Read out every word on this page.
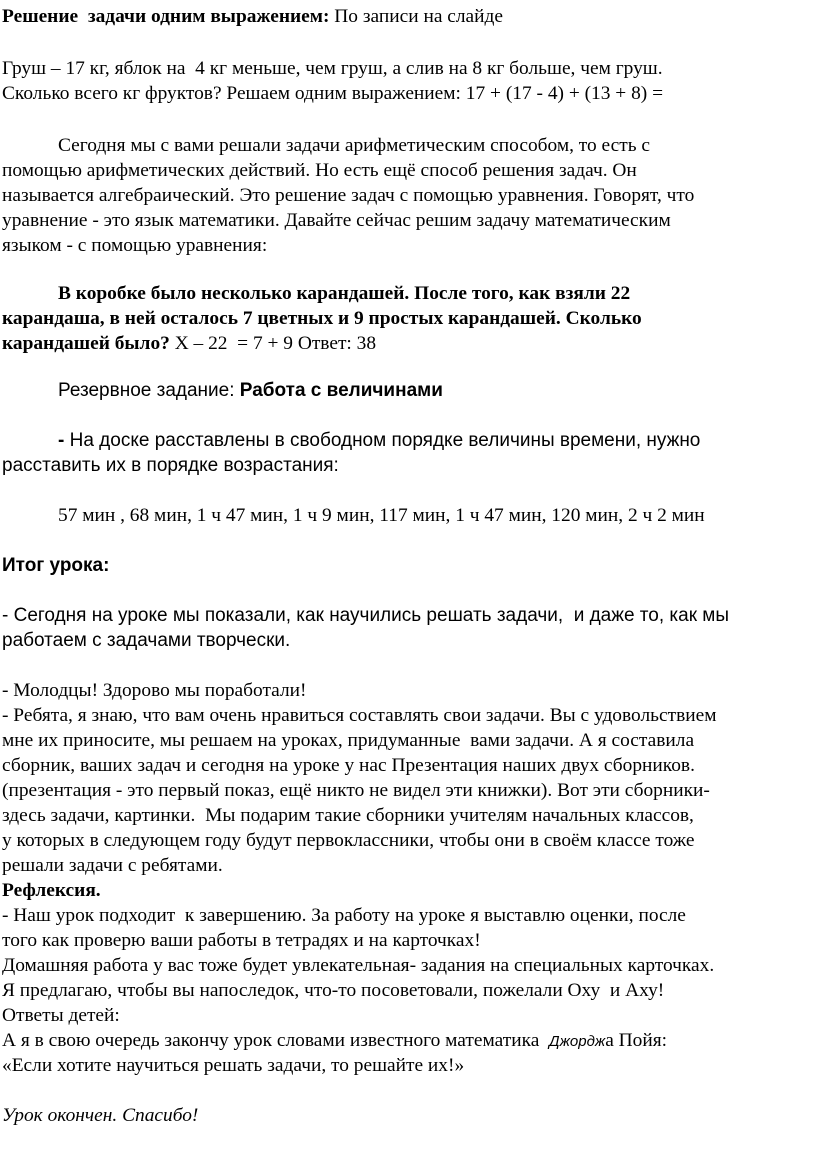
Решение  задачи одним выражением: По записи на слайде
Груш – 17 кг, яблок на  4 кг меньше, чем груш, а слив на 8 кг больше, чем груш.
Сколько всего кг фруктов? Решаем одним выражением: 17 + (17 - 4) + (13 + 8) =
Сегодня мы с вами решали задачи арифметическим способом, то есть с
помощью арифметических действий. Но есть ещё способ решения задач. Он
называется алгебраический. Это решение задач с помощью уравнения. Говорят, что
уравнение - это язык математики. Давайте сейчас решим задачу математическим
языком - с помощью уравнения:
В коробке было несколько карандашей. После того, как взяли 22
карандаша, в ней осталось 7 цветных и 9 простых карандашей. Сколько
карандашей было? Х – 22  = 7 + 9 Ответ: 38
Резервное задание: Работа с величинами
- На доске расставлены в свободном порядке величины времени, нужно
расставить их в порядке возрастания:
57 мин , 68 мин, 1 ч 47 мин, 1 ч 9 мин, 117 мин, 1 ч 47 мин, 120 мин, 2 ч 2 мин
Итог урока:
- Сегодня на уроке мы показали, как научились решать задачи,  и даже то, как мы
работаем с задачами творчески.
- Молодцы! Здорово мы поработали!
- Ребята, я знаю, что вам очень нравиться составлять свои задачи. Вы с удовольствием
мне их приносите, мы решаем на уроках, придуманные  вами задачи. А я составила
сборник, ваших задач и сегодня на уроке у нас Презентация наших двух сборников.
(презентация - это первый показ, ещё никто не видел эти книжки). Вот эти сборники-
здесь задачи, картинки.  Мы подарим такие сборники учителям начальных классов,
у которых в следующем году будут первоклассники, чтобы они в своём классе тоже
решали задачи с ребятами.
Рефлексия.
- Наш урок подходит  к завершению. За работу на уроке я выставлю оценки, после
того как проверю ваши работы в тетрадях и на карточках!
Домашняя работа у вас тоже будет увлекательная- задания на специальных карточках.
Я предлагаю, чтобы вы напоследок, что-то посоветовали, пожелали Оху  и Аху!
Ответы детей:
А я в свою очередь закончу урок словами известного математика  Джорджа Пойя:
«Если хотите научиться решать задачи, то решайте их!»
Урок окончен. Спасибо!
